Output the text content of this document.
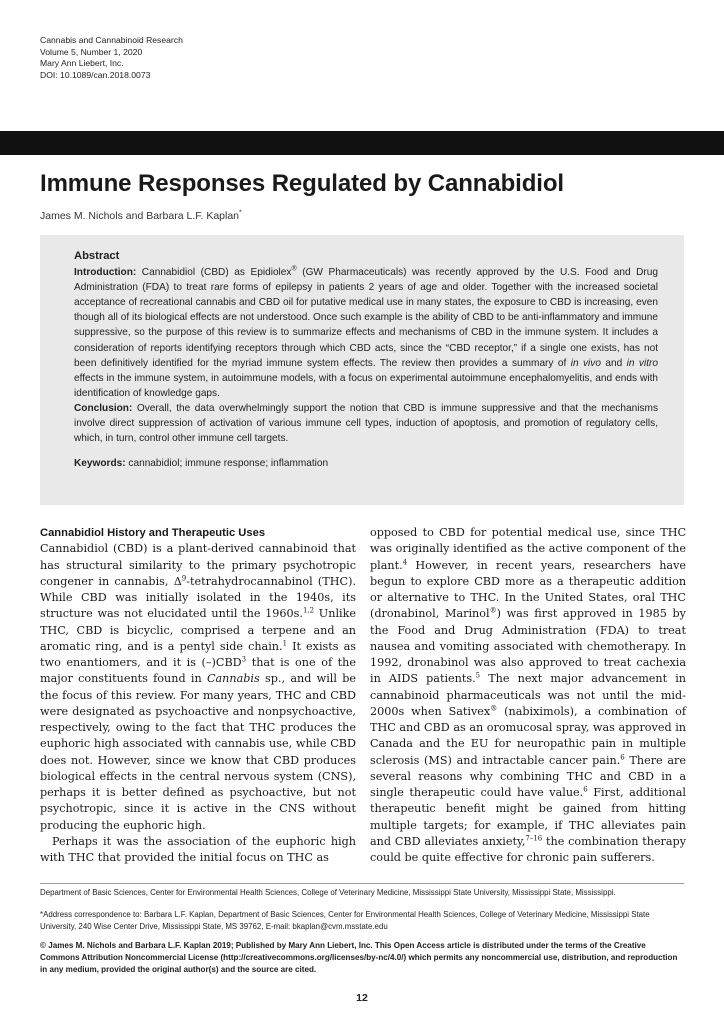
Cannabis and Cannabinoid Research
Volume 5, Number 1, 2020
Mary Ann Liebert, Inc.
DOI: 10.1089/can.2018.0073
Immune Responses Regulated by Cannabidiol
James M. Nichols and Barbara L.F. Kaplan*
Abstract

Introduction: Cannabidiol (CBD) as Epidiolex® (GW Pharmaceuticals) was recently approved by the U.S. Food and Drug Administration (FDA) to treat rare forms of epilepsy in patients 2 years of age and older. Together with the increased societal acceptance of recreational cannabis and CBD oil for putative medical use in many states, the exposure to CBD is increasing, even though all of its biological effects are not understood. Once such example is the ability of CBD to be anti-inflammatory and immune suppressive, so the purpose of this review is to summarize effects and mechanisms of CBD in the immune system. It includes a consideration of reports identifying receptors through which CBD acts, since the “CBD receptor,” if a single one exists, has not been definitively identified for the myriad immune system effects. The review then provides a summary of in vivo and in vitro effects in the immune system, in autoimmune models, with a focus on experimental autoimmune encephalomyelitis, and ends with identification of knowledge gaps.

Conclusion: Overall, the data overwhelmingly support the notion that CBD is immune suppressive and that the mechanisms involve direct suppression of activation of various immune cell types, induction of apoptosis, and promotion of regulatory cells, which, in turn, control other immune cell targets.

Keywords: cannabidiol; immune response; inflammation

Cannabidiol History and Therapeutic Uses

Cannabidiol (CBD) is a plant-derived cannabinoid that has structural similarity to the primary psychotropic congener in cannabis, $\Delta^9$-tetrahydrocannabinol (THC). While CBD was initially isolated in the 1940s, its structure was not elucidated until the 1960s.$^{1,2}$ Unlike THC, CBD is bicyclic, comprised a terpene and an aromatic ring, and is a pentyl side chain.$^1$ It exists as two enantiomers, and it is (–)CBD$^3$ that is one of the major constituents found in Cannabis sp., and will be the focus of this review. For many years, THC and CBD were designated as psychoactive and nonpsychoactive, respectively, owing to the fact that THC produces the euphoric high associated with cannabis use, while CBD does not. However, since we know that CBD produces biological effects in the central nervous system (CNS), perhaps it is better defined as psychoactive, but not psychotropic, since it is active in the CNS without producing the euphoric high.

Perhaps it was the association of the euphoric high with THC that provided the initial focus on THC as

opposed to CBD for potential medical use, since THC was originally identified as the active component of the plant.$^4$ However, in recent years, researchers have begun to explore CBD more as a therapeutic addition or alternative to THC. In the United States, oral THC (dronabinol, Marinol®) was first approved in 1985 by the Food and Drug Administration (FDA) to treat nausea and vomiting associated with chemotherapy. In 1992, dronabinol was also approved to treat cachexia in AIDS patients.$^5$ The next major advancement in cannabinoid pharmaceuticals was not until the mid-2000s when Sativex® (nabiximols), a combination of THC and CBD as an oromucosal spray, was approved in Canada and the EU for neuropathic pain in multiple sclerosis (MS) and intractable cancer pain.$^6$ There are several reasons why combining THC and CBD in a single therapeutic could have value.$^6$ First, additional therapeutic benefit might be gained from hitting multiple targets; for example, if THC alleviates pain and CBD alleviates anxiety,$^{7-16}$ the combination therapy could be quite effective for chronic pain sufferers.

Department of Basic Sciences, Center for Environmental Health Sciences, College of Veterinary Medicine, Mississippi State University, Mississippi State, Mississippi.
*Address correspondence to: Barbara L.F. Kaplan, Department of Basic Sciences, Center for Environmental Health Sciences, College of Veterinary Medicine, Mississippi State University, 240 Wise Center Drive, Mississippi State, MS 39762, E-mail: bkaplan@cvm.msstate.edu
© James M. Nichols and Barbara L.F. Kaplan 2019; Published by Mary Ann Liebert, Inc. This Open Access article is distributed under the terms of the Creative Commons Attribution Noncommercial License (http://creativecommons.org/licenses/by-nc/4.0/) which permits any noncommercial use, distribution, and reproduction in any medium, provided the original author(s) and the source are cited.
12
